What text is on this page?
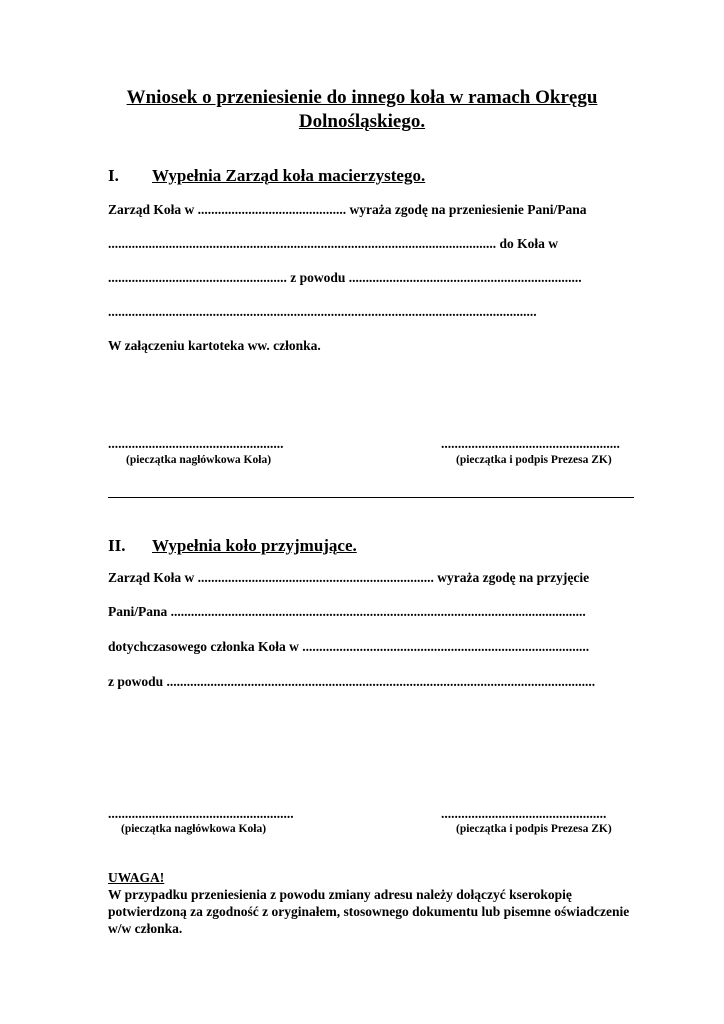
Wniosek o przeniesienie do innego koła w ramach Okręgu
Dolnośląskiego.
I. Wypełnia Zarząd koła macierzystego.
Zarząd Koła w ............................................ wyraża zgodę na przeniesienie Pani/Pana
................................................................................................................... do Koła w
..................................................... z powodu .....................................................................
...............................................................................................................................
W załączeniu kartoteka ww. członka.
....................................................	.....................................................
(pieczątka nagłówkowa Koła)	(pieczątka i podpis Prezesa ZK)
II. Wypełnia koło przyjmujące.
Zarząd Koła w ...................................................................... wyraża zgodę na przyjęcie
Pani/Pana ...........................................................................................................................
dotychczasowego członka Koła w .....................................................................................
z powodu ...............................................................................................................................
.......................................................	.................................................
(pieczątka nagłówkowa Koła)	(pieczątka i podpis Prezesa ZK)
UWAGA!
W przypadku przeniesienia z powodu zmiany adresu należy dołączyć kserokopię potwierdzoną za zgodność z oryginałem, stosownego dokumentu lub pisemne oświadczenie w/w członka.
